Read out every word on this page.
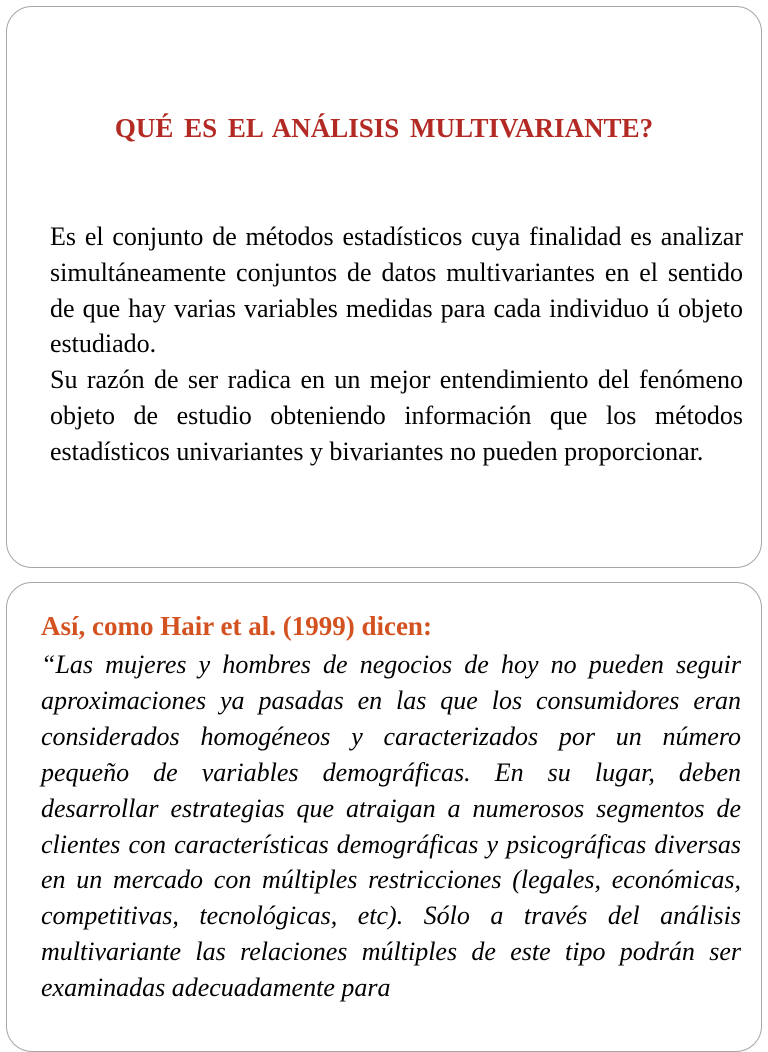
QUÉ ES EL ANÁLISIS MULTIVARIANTE?

Es el conjunto de métodos estadísticos cuya finalidad es analizar simultáneamente conjuntos de datos multivariantes en el sentido de que hay varias variables medidas para cada individuo ú objeto estudiado.

Su razón de ser radica en un mejor entendimiento del fenómeno objeto de estudio obteniendo información que los métodos estadísticos univariantes y bivariantes no pueden proporcionar.

Así, como Hair et al. (1999) dicen:

“Las mujeres y hombres de negocios de hoy no pueden seguir aproximaciones ya pasadas en las que los consumidores eran considerados homogéneos y caracterizados por un número pequeño de variables demográficas. En su lugar, deben desarrollar estrategias que atraigan a numerosos segmentos de clientes con características demográficas y psicográficas diversas en un mercado con múltiples restricciones (legales, económicas, competitivas, tecnológicas, etc). Sólo a través del análisis multivariante las relaciones múltiples de este tipo podrán ser examinadas adecuadamente para
